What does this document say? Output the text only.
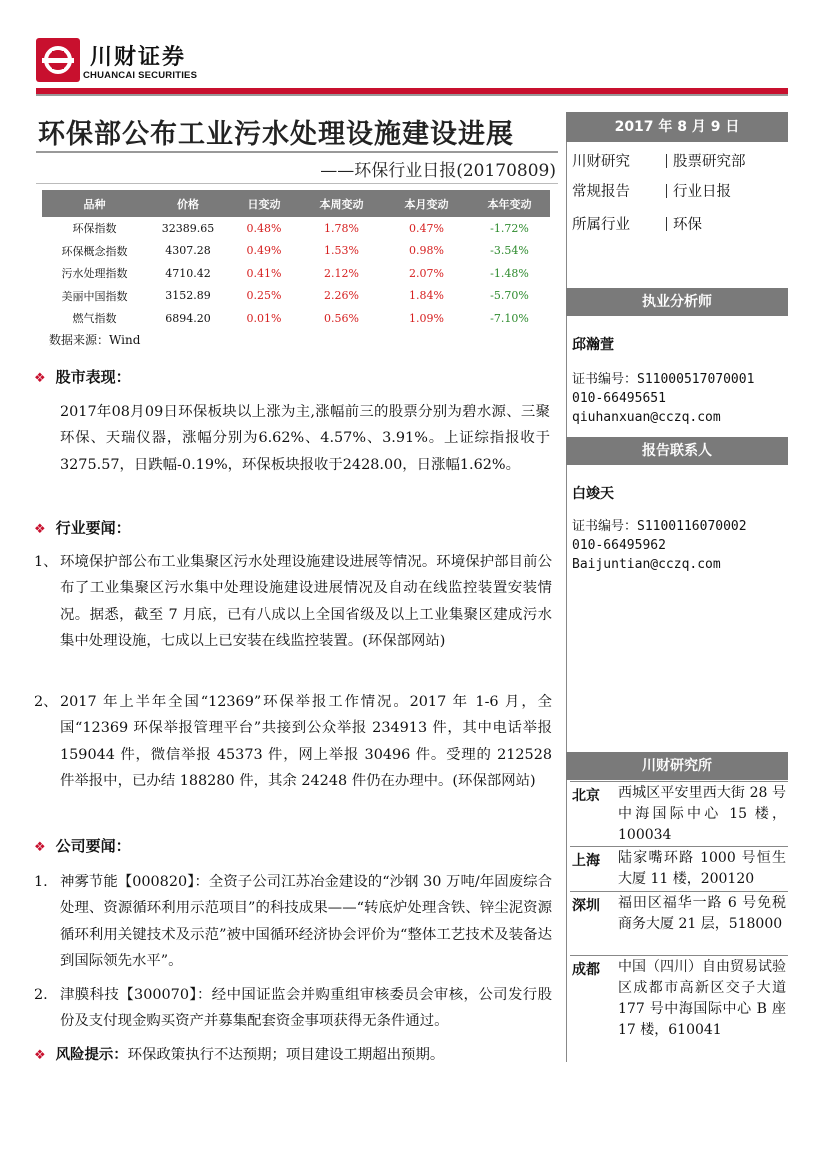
川财证券
CHUANCAI SECURITIES
环保部公布工业污水处理设施建设进展
——环保行业日报(20170809)
品种	价格	日变动	本周变动	本月变动	本年变动
环保指数	32389.65	0.48%	1.78%	0.47%	-1.72%
环保概念指数	4307.28	0.49%	1.53%	0.98%	-3.54%
污水处理指数	4710.42	0.41%	2.12%	2.07%	-1.48%
美丽中国指数	3152.89	0.25%	2.26%	1.84%	-5.70%
燃气指数	6894.20	0.01%	0.56%	1.09%	-7.10%
数据来源：Wind
❖ 股市表现：
2017年08月09日环保板块以上涨为主,涨幅前三的股票分别为碧水源、三聚环保、天瑞仪器，涨幅分别为6.62%、4.57%、3.91%。上证综指报收于3275.57，日跌幅-0.19%，环保板块报收于2428.00，日涨幅1.62%。
❖ 行业要闻：
1、 环境保护部公布工业集聚区污水处理设施建设进展等情况。环境保护部目前公布了工业集聚区污水集中处理设施建设进展情况及自动在线监控装置安装情况。据悉，截至 7 月底，已有八成以上全国省级及以上工业集聚区建成污水集中处理设施，七成以上已安装在线监控装置。(环保部网站)
2、 2017 年上半年全国“12369”环保举报工作情况。2017 年 1-6 月，全国“12369 环保举报管理平台”共接到公众举报 234913 件，其中电话举报 159044 件，微信举报 45373 件，网上举报 30496 件。受理的 212528 件举报中，已办结 188280 件，其余 24248 件仍在办理中。(环保部网站)
❖ 公司要闻：
1. 神雾节能【000820】：全资子公司江苏冶金建设的“沙钢 30 万吨/年固废综合处理、资源循环利用示范项目”的科技成果——“转底炉处理含铁、锌尘泥资源循环利用关键技术及示范”被中国循环经济协会评价为“整体工艺技术及装备达到国际领先水平”。
2. 津膜科技【300070】：经中国证监会并购重组审核委员会审核，公司发行股份及支付现金购买资产并募集配套资金事项获得无条件通过。
❖ 风险提示：环保政策执行不达预期；项目建设工期超出预期。
2017 年 8 月 9 日
川财研究	股票研究部
常规报告	行业日报
所属行业	环保
执业分析师
邱瀚萱
证书编号：S1100051707000​1
010-66495651
qiuhanxuan@cczq.com
报告联系人
白竣天
证书编号：S1100116070002
010-66495962
Baijuntian@cczq.com
川财研究所
北京 西城区平安里西大街 28 号中海国际中心 15 楼，100034
上海 陆家嘴环路 1000 号恒生大厦 11 楼，200120
深圳 福田区福华一路 6 号免税商务大厦 21 层，518000
成都 中国（四川）自由贸易试验区成都市高新区交子大道 177 号中海国际中心 B 座 17 楼，610041
